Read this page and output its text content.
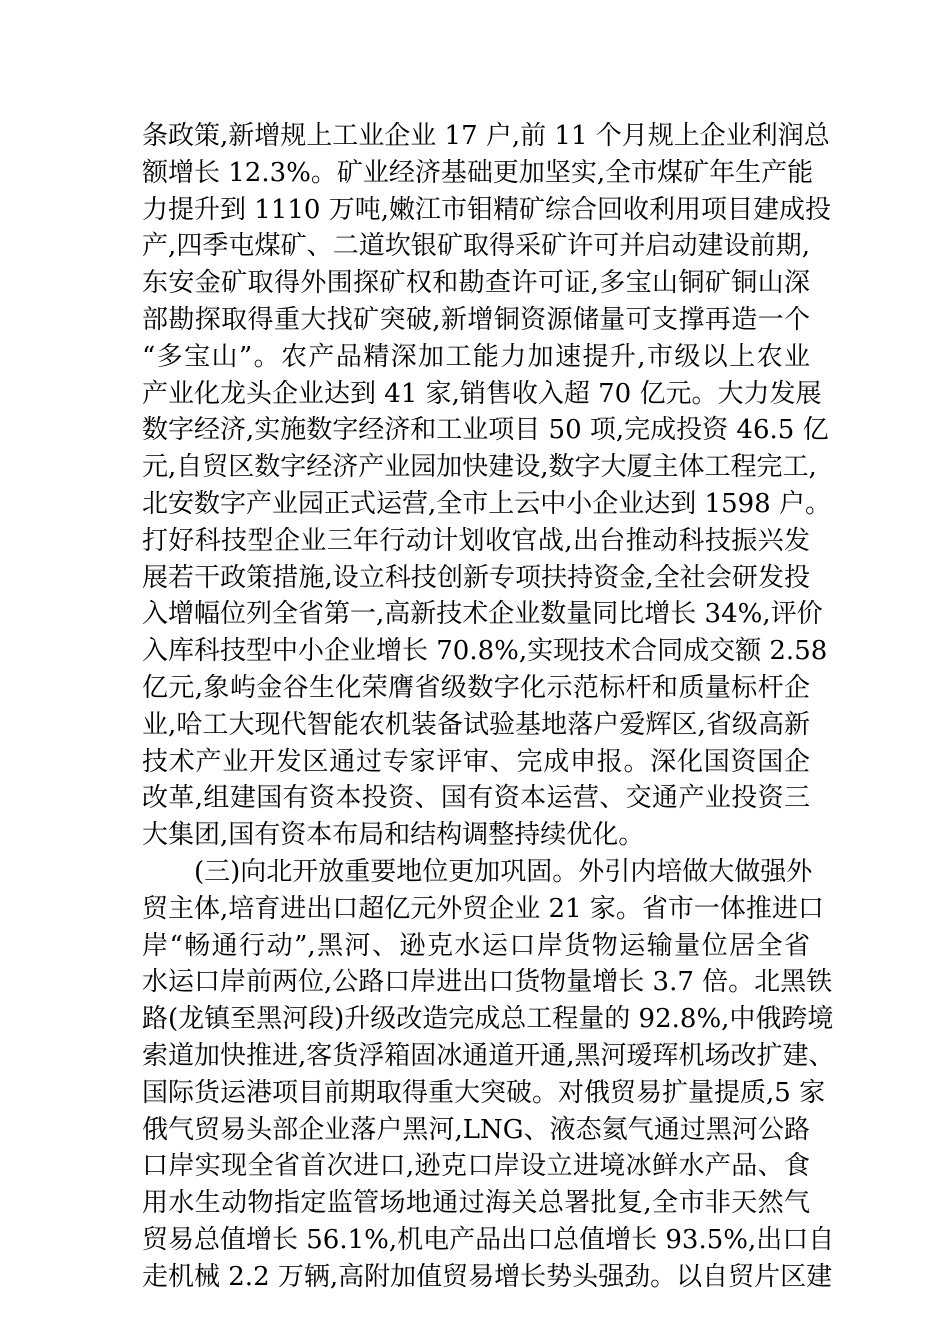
条政策,新增规上工业企业 17 户,前 11 个月规上企业利润总
额增长 12.3%。矿业经济基础更加坚实,全市煤矿年生产能
力提升到 1110 万吨,嫩江市钼精矿综合回收利用项目建成投
产,四季屯煤矿、二道坎银矿取得采矿许可并启动建设前期,
东安金矿取得外围探矿权和勘查许可证,多宝山铜矿铜山深
部勘探取得重大找矿突破,新增铜资源储量可支撑再造一个
“多宝山”。农产品精深加工能力加速提升,市级以上农业
产业化龙头企业达到 41 家,销售收入超 70 亿元。大力发展
数字经济,实施数字经济和工业项目 50 项,完成投资 46.5 亿
元,自贸区数字经济产业园加快建设,数字大厦主体工程完工,
北安数字产业园正式运营,全市上云中小企业达到 1598 户。
打好科技型企业三年行动计划收官战,出台推动科技振兴发
展若干政策措施,设立科技创新专项扶持资金,全社会研发投
入增幅位列全省第一,高新技术企业数量同比增长 34%,评价
入库科技型中小企业增长 70.8%,实现技术合同成交额 2.58
亿元,象屿金谷生化荣膺省级数字化示范标杆和质量标杆企
业,哈工大现代智能农机装备试验基地落户爱辉区,省级高新
技术产业开发区通过专家评审、完成申报。深化国资国企
改革,组建国有资本投资、国有资本运营、交通产业投资三
大集团,国有资本布局和结构调整持续优化。
(三)向北开放重要地位更加巩固。外引内培做大做强外
贸主体,培育进出口超亿元外贸企业 21 家。省市一体推进口
岸“畅通行动”,黑河、逊克水运口岸货物运输量位居全省
水运口岸前两位,公路口岸进出口货物量增长 3.7 倍。北黑铁
路(龙镇至黑河段)升级改造完成总工程量的 92.8%,中俄跨境
索道加快推进,客货浮箱固冰通道开通,黑河瑷珲机场改扩建、
国际货运港项目前期取得重大突破。对俄贸易扩量提质,5 家
俄气贸易头部企业落户黑河,LNG、液态氦气通过黑河公路
口岸实现全省首次进口,逊克口岸设立进境冰鲜水产品、食
用水生动物指定监管场地通过海关总署批复,全市非天然气
贸易总值增长 56.1%,机电产品出口总值增长 93.5%,出口自
走机械 2.2 万辆,高附加值贸易增长势头强劲。以自贸片区建
